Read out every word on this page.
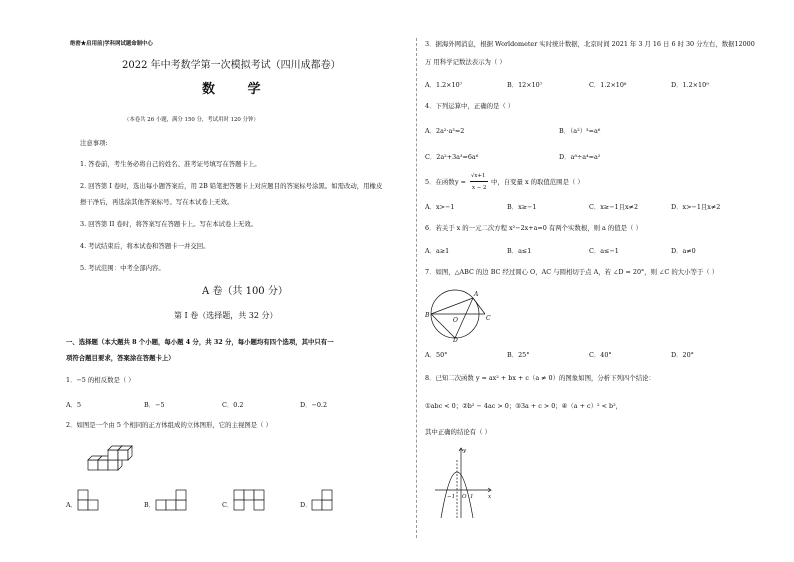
绝密★启用前|学科网试题命制中心
2022 年中考数学第一次模拟考试（四川成都卷）
数 学
（本卷共 26 小题，满分 150 分，考试用时 120 分钟）
注意事项:
1. 答卷前，考生务必将自己的姓名、准考证号填写在答题卡上。
2. 回答第 I 卷时，选出每小题答案后，用 2B 铅笔把答题卡上对应题目的答案标号涂黑。如需改动，用橡皮
擦干净后，再选涂其他答案标号。写在本试卷上无效。
3. 回答第 II 卷时，将答案写在答题卡上。写在本试卷上无效。
4. 考试结束后，将本试卷和答题卡一并交回。
5. 考试范围：中考全部内容。
A 卷（共 100 分）
第 I 卷（选择题，共 32 分）
一、选择题（本大题共 8 个小题，每小题 4 分，共 32 分，每小题均有四个选项，其中只有一
项符合题目要求，答案涂在答题卡上）
1．−5 的相反数是（ ）
A．5	B．−5	C．0.2	D．−0.2
2．如图是一个由 5 个相同的正方体组成的立体图形，它的主视图是（ ）
A．	B．	C．	D．
3．据海外网消息，根据 Worldometer 实时统计数据，北京时间 2021 年 3 月 16 日 6 时 30 分左右，数据12000
万 用科学记数法表示为（ ）
A．1.2×10⁷	B．12×10⁷	C．1.2×10⁸	D．1.2×10⁹
4．下列运算中，正确的是（ ）
A．2a²·a³=2	B．（a²）³=a⁶
C．2a²+3a³=6a⁶	D．a⁸÷a⁴=a²
5．在函数 y =
√x+1
x − 2
中，自变量 x 的取值范围是（ ）
A．x>−1	B．x≥−1	C．x≥−1且x≠2	D．x>−1且x≠2
6．若关于 x 的一元二次方程 x²−2x+a=0 有两个实数根，则 a 的值是（ ）
A．a≥1	B．a≤1	C．a≤−1	D．a≠0
7．如图，△ABC 的边 BC 经过圆心 O，AC 与圆相切于点 A，若 ∠D = 20°，则 ∠C 的大小等于（ ）
A
B
O	C
D
A．50°	B．25°	C．40°	D．20°
8．已知二次函数 y = ax² + bx + c（a ≠ 0）的图象如图，分析下列四个结论：
①abc < 0；②b² − 4ac > 0；③3a + c > 0；④（a + c）² < b²，
其中正确的结论有（ ）
y
x
O
−1	1
